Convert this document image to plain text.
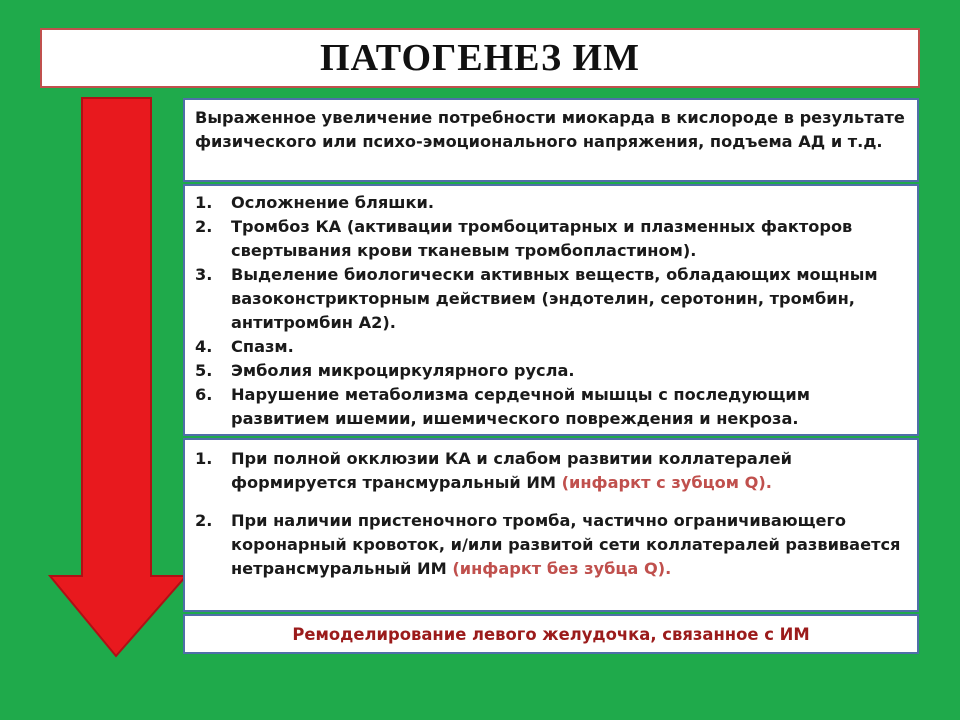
ПАТОГЕНЕЗ ИМ
Выраженное увеличение потребности миокарда в кислороде в результате физического или психо-эмоционального напряжения, подъема АД и т.д.
1.	Осложнение бляшки.
2.	Тромбоз КА (активации тромбоцитарных и плазменных факторов свертывания крови тканевым тромбопластином).
3.	Выделение биологически активных веществ, обладающих мощным вазоконстрикторным действием (эндотелин, серотонин, тромбин, антитромбин А2).
4.	Спазм.
5.	Эмболия микроциркулярного русла.
6.	Нарушение метаболизма сердечной мышцы с последующим развитием ишемии, ишемического повреждения и некроза.
1.	При полной окклюзии КА и слабом развитии коллатералей формируется трансмуральный ИМ (инфаркт с зубцом Q).
2.	При наличии пристеночного тромба, частично ограничивающего коронарный кровоток, и/или развитой сети коллатералей развивается нетрансмуральный ИМ (инфаркт без зубца Q).
Ремоделирование левого желудочка, связанное с ИМ
